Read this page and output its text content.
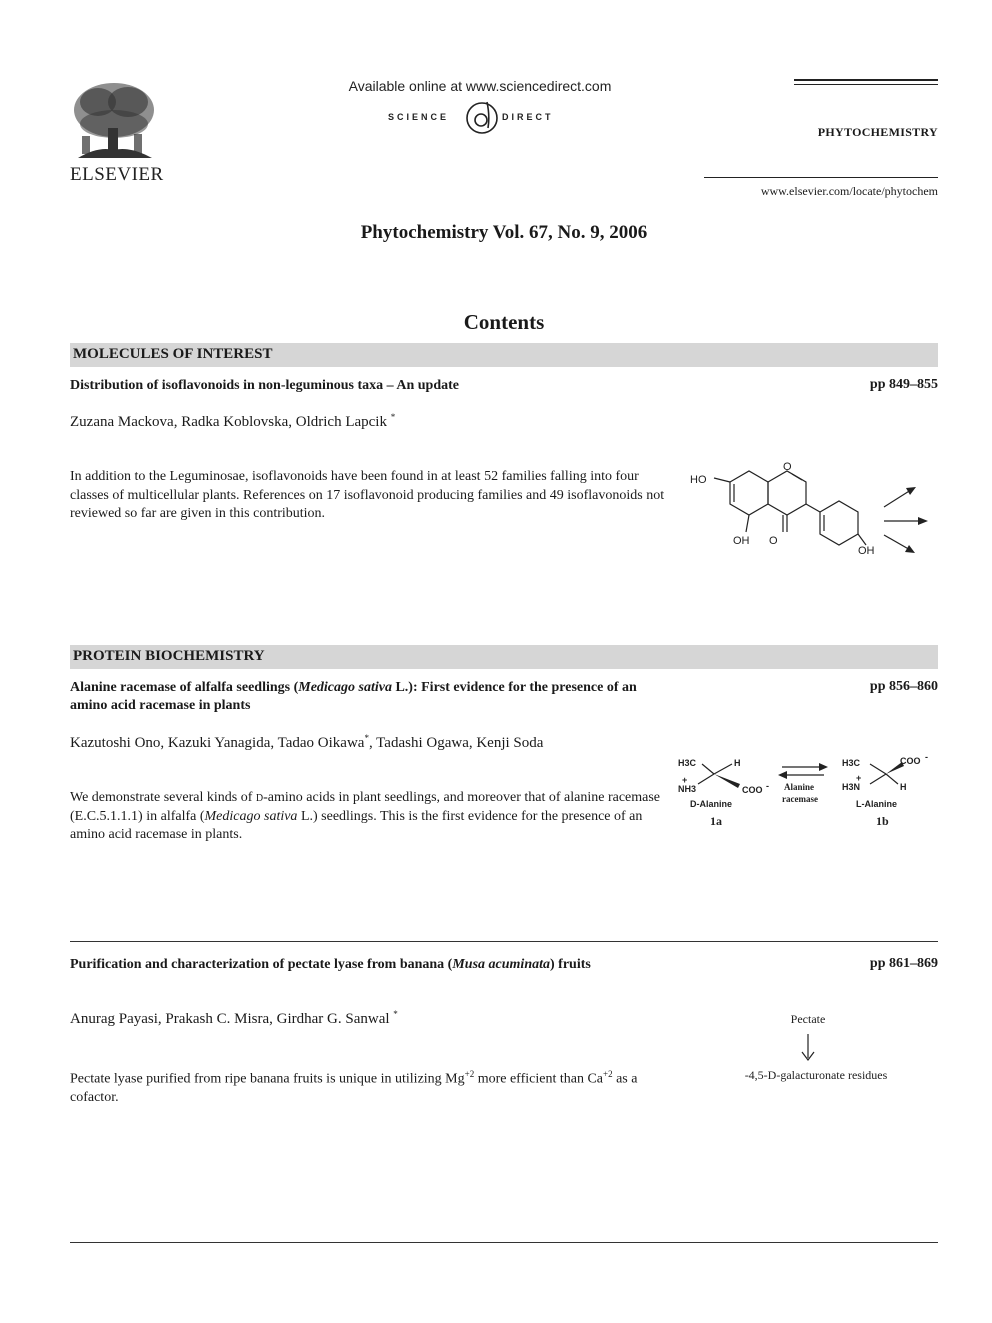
ELSEVIER
Available online at www.sciencedirect.com
SCIENCE	DIRECT
PHYTOCHEMISTRY
www.elsevier.com/locate/phytochem
Phytochemistry Vol. 67, No. 9, 2006
Contents
MOLECULES OF INTEREST
Distribution of isoflavonoids in non-leguminous taxa – An update	pp 849–855
Zuzana Mackova, Radka Koblovska, Oldrich Lapcik *
In addition to the Leguminosae, isoflavonoids have been found in at least 52 families falling into four classes of multicellular plants. References on 17 isoflavonoid producing families and 49 isoflavonoids not reviewed so far are given in this contribution.
HO
O
OH O
OH
PROTEIN BIOCHEMISTRY
Alanine racemase of alfalfa seedlings (Medicago sativa L.): First evidence for the presence of an amino acid racemase in plants
pp 856–860
Kazutoshi Ono, Kazuki Yanagida, Tadao Oikawa*, Tadashi Ogawa, Kenji Soda
We demonstrate several kinds of d-amino acids in plant seedlings, and moreover that of alanine racemase (E.C.5.1.1.1) in alfalfa (Medicago sativa L.) seedlings. This is the first evidence for the presence of an amino acid racemase in plants.
H3C	H
+
NH3	COO -
D-Alanine
H3C	COO -
+
H3N	H
L-Alanine
Alanine
racemase
1a	1b
Purification and characterization of pectate lyase from banana (Musa acuminata) fruits	pp 861–869
Anurag Payasi, Prakash C. Misra, Girdhar G. Sanwal *
Pectate lyase purified from ripe banana fruits is unique in utilizing $Mg^{+2}$ more efficient than $Ca^{+2}$ as a cofactor.
Pectate
-4,5-D-galacturonate residues
